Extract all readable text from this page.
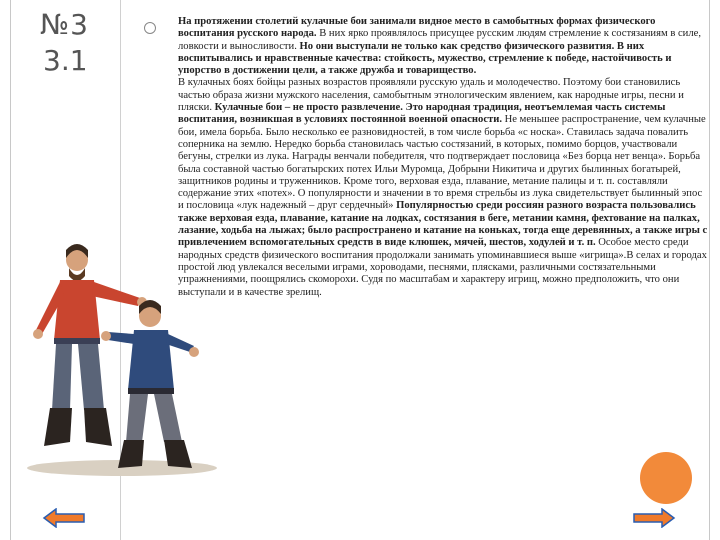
№3
3.1
На протяжении столетий кулачные бои занимали видное место в самобытных формах физического воспитания русского народа. В них ярко проявлялось присущее русским людям стремление к состязаниям в силе, ловкости и выносливости. Но они выступали не только как средство физического развития. В них воспитывались и нравственные качества: стойкость, мужество, стремление к победе, настойчивость и упорство в достижении цели, а также дружба и товарищество.
В кулачных боях бойцы разных возрастов проявляли русскую удаль и молодечество. Поэтому бои становились частью образа жизни мужского населения, самобытным этнологическим явлением, как народные игры, песни и пляски. Кулачные бои – не просто развлечение. Это народная традиция, неотъемлемая часть системы воспитания, возникшая в условиях постоянной военной опасности. Не меньшее распространение, чем кулачные бои, имела борьба. Было несколько ее разновидностей, в том числе борьба «с носка». Ставилась задача повалить соперника на землю. Нередко борьба становилась частью состязаний, в которых, помимо борцов, участвовали бегуны, стрелки из лука. Награды венчали победителя, что подтверждает пословица «Без борца нет венца». Борьба была составной частью богатырских потех Ильи Муромца, Добрыни Никитича и других былинных богатырей, защитников родины и труженников. Кроме того, верховая езда, плавание, метание палицы и т. п. составляли содержание этих «потех». О популярности и значении в то время стрельбы из лука свидетельствует былинный эпос и пословица «лук надежный – друг сердечный» Популярностью среди россиян разного возраста пользовались также верховая езда, плавание, катание на лодках, состязания в беге, метании камня, фехтование на палках, лазание, ходьба на лыжах; было распространено и катание на коньках, тогда еще деревянных, а также игры с привлечением вспомогательных средств в виде клюшек, мячей, шестов, ходулей и т. п. Особое место среди народных средств физического воспитания продолжали занимать упоминавшиеся выше «игрища».В селах и городах простой люд увлекался веселыми играми, хороводами, песнями, плясками, различными состязательными упражнениями, поощрялись скоморохи. Судя по масштабам и характеру игрищ, можно предположить, что они выступали и в качестве зрелищ.
